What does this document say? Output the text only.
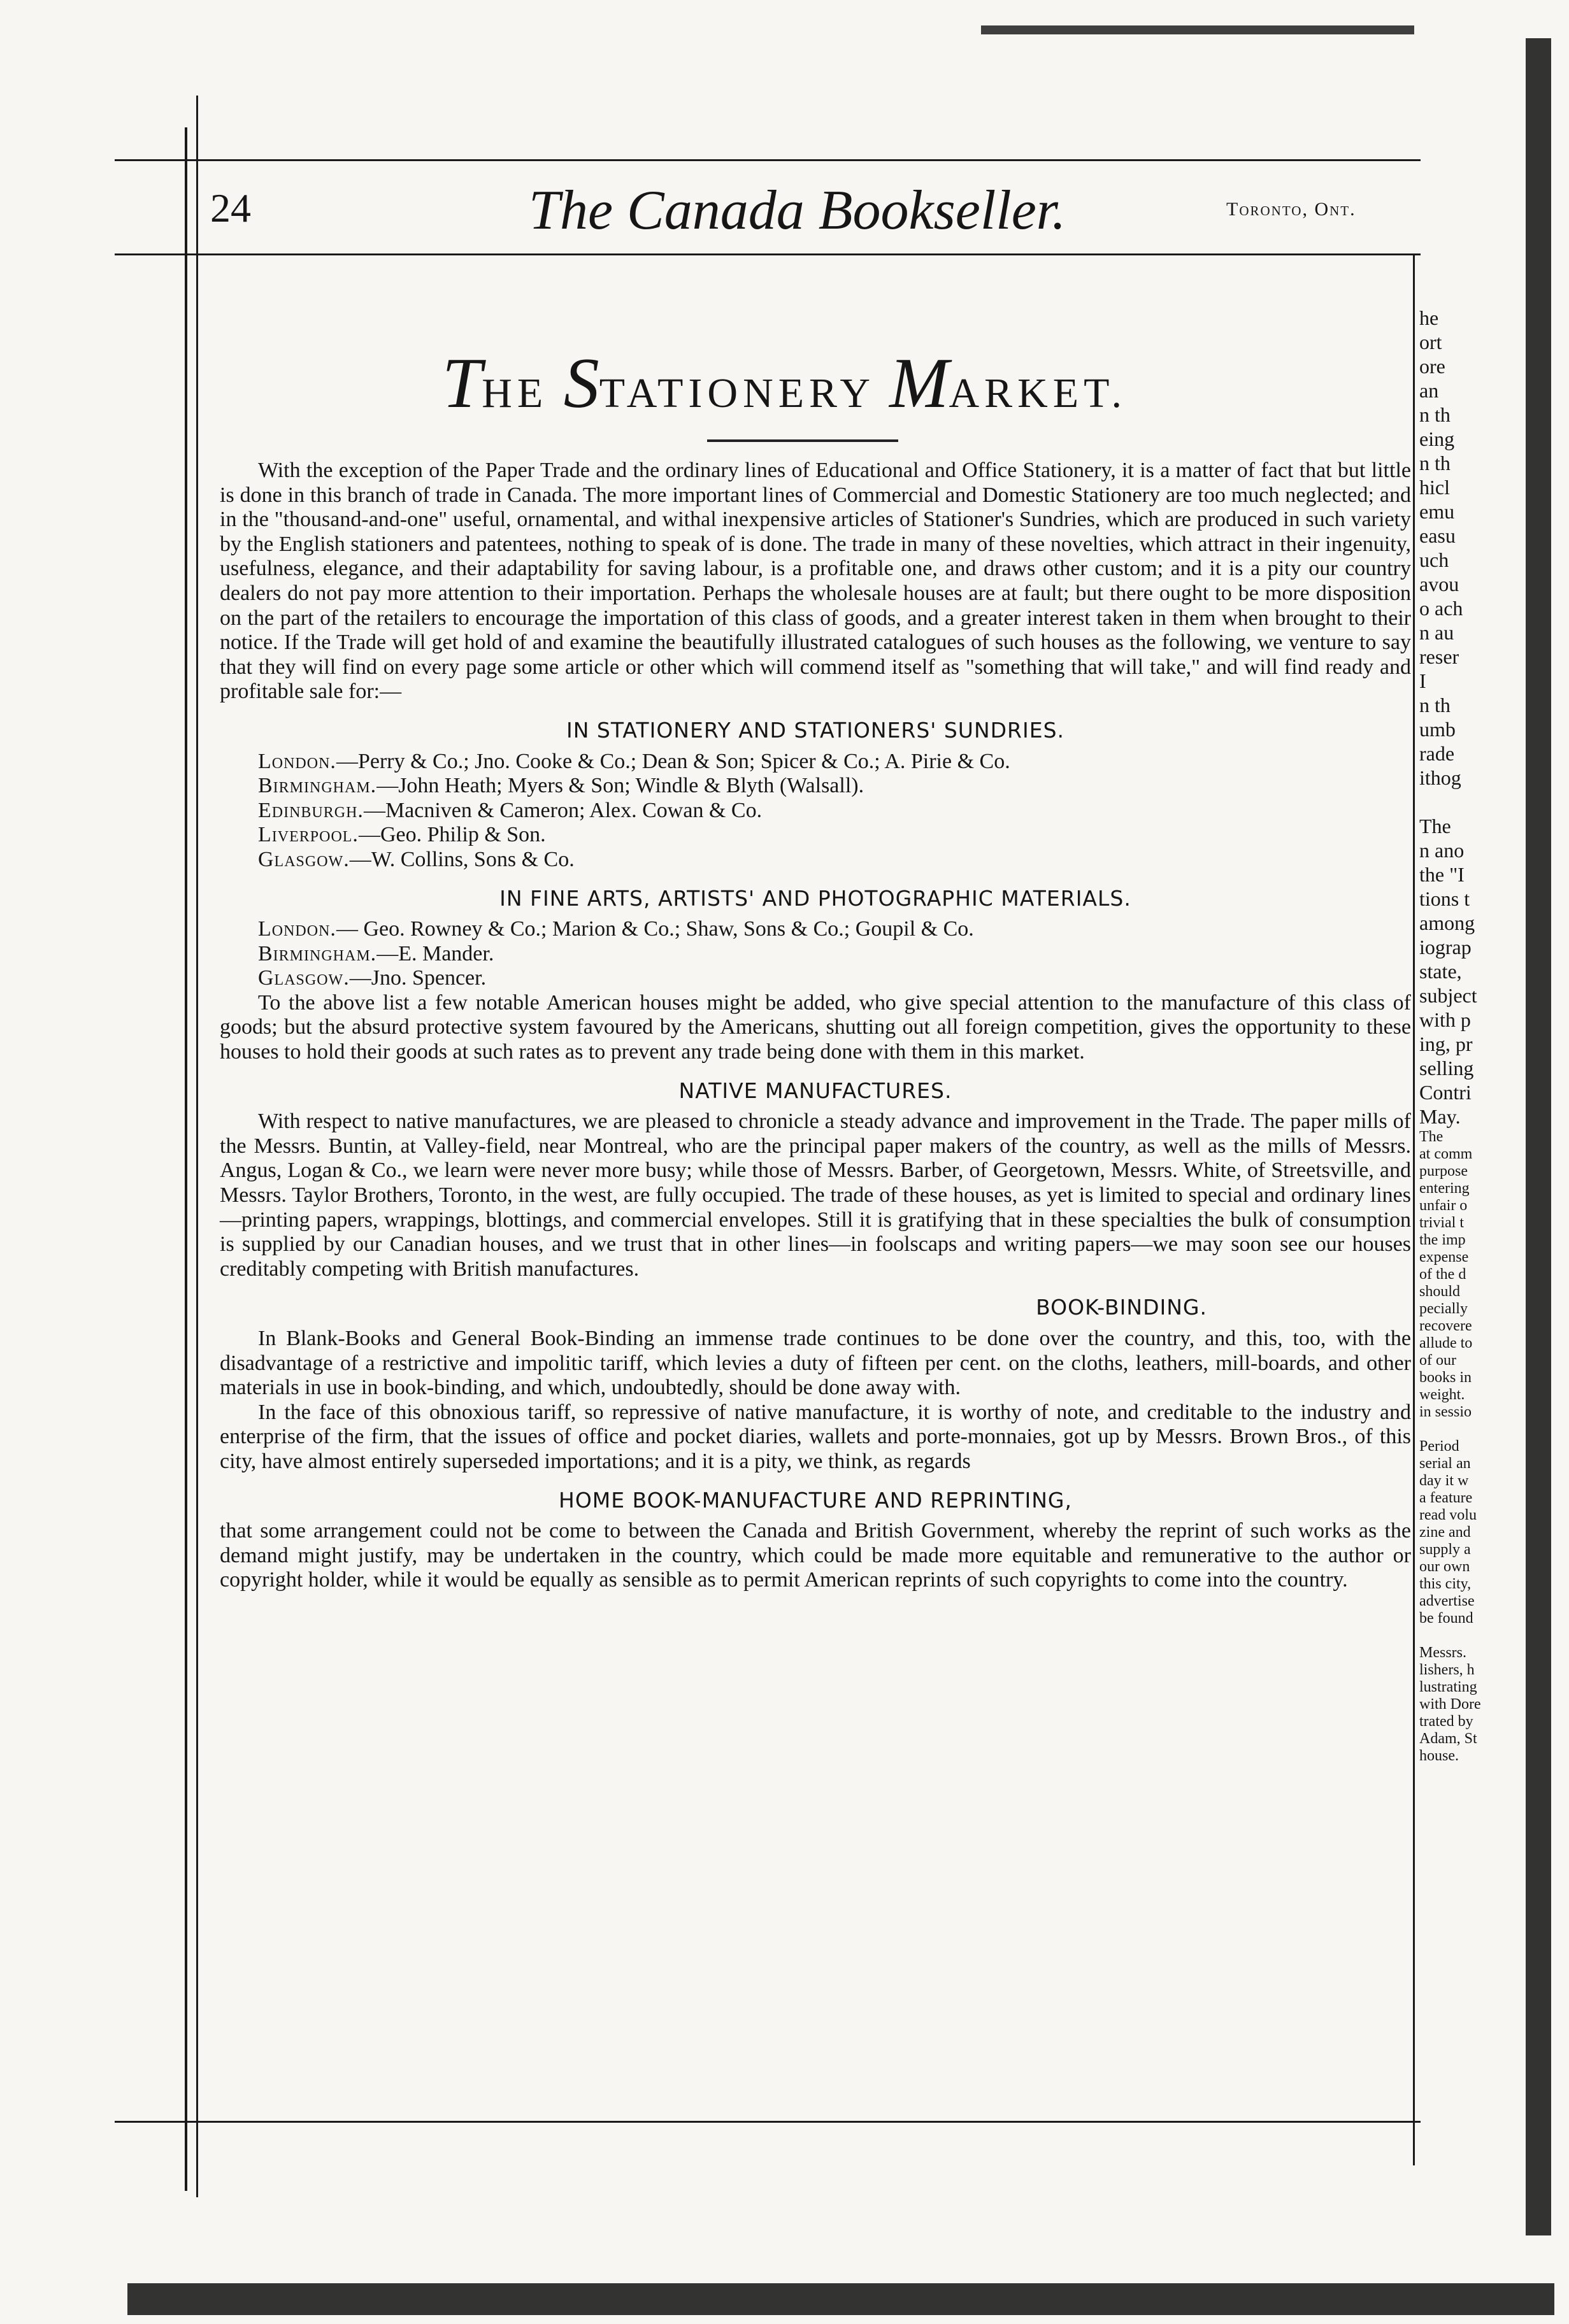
24	The Canada Bookseller.	Toronto, Ont.
THE STATIONERY MARKET.

With the exception of the Paper Trade and the ordinary lines of Educational and Office Stationery, it is a matter of fact that but little is done in this branch of trade in Canada. The more important lines of Commercial and Domestic Stationery are too much neglected; and in the "thousand-and-one" useful, ornamental, and withal inexpensive articles of Stationer's Sundries, which are produced in such variety by the English stationers and patentees, nothing to speak of is done. The trade in many of these novelties, which attract in their ingenuity, usefulness, elegance, and their adaptability for saving labour, is a profitable one, and draws other custom; and it is a pity our country dealers do not pay more attention to their importation. Perhaps the wholesale houses are at fault; but there ought to be more disposition on the part of the retailers to encourage the importation of this class of goods, and a greater interest taken in them when brought to their notice. If the Trade will get hold of and examine the beautifully illustrated catalogues of such houses as the following, we venture to say that they will find on every page some article or other which will commend itself as "something that will take," and will find ready and profitable sale for:—

IN STATIONERY AND STATIONERS' SUNDRIES.
London.—Perry & Co.; Jno. Cooke & Co.; Dean & Son; Spicer & Co.; A. Pirie & Co.
Birmingham.—John Heath; Myers & Son; Windle & Blyth (Walsall).
Edinburgh.—Macniven & Cameron; Alex. Cowan & Co.
Liverpool.—Geo. Philip & Son.
Glasgow.—W. Collins, Sons & Co.
IN FINE ARTS, ARTISTS' AND PHOTOGRAPHIC MATERIALS.
London.— Geo. Rowney & Co.; Marion & Co.; Shaw, Sons & Co.; Goupil & Co.
Birmingham.—E. Mander.
Glasgow.—Jno. Spencer.

To the above list a few notable American houses might be added, who give special attention to the manufacture of this class of goods; but the absurd protective system favoured by the Americans, shutting out all foreign competition, gives the opportunity to these houses to hold their goods at such rates as to prevent any trade being done with them in this market.

NATIVE MANUFACTURES.

With respect to native manufactures, we are pleased to chronicle a steady advance and improvement in the Trade. The paper mills of the Messrs. Buntin, at Valley-field, near Montreal, who are the principal paper makers of the country, as well as the mills of Messrs. Angus, Logan & Co., we learn were never more busy; while those of Messrs. Barber, of Georgetown, Messrs. White, of Streetsville, and Messrs. Taylor Brothers, Toronto, in the west, are fully occupied. The trade of these houses, as yet is limited to special and ordinary lines—printing papers, wrappings, blottings, and commercial envelopes. Still it is gratifying that in these specialties the bulk of consumption is supplied by our Canadian houses, and we trust that in other lines—in foolscaps and writing papers—we may soon see our houses creditably competing with British manufactures.

BOOK-BINDING.

In Blank-Books and General Book-Binding an immense trade continues to be done over the country, and this, too, with the disadvantage of a restrictive and impolitic tariff, which levies a duty of fifteen per cent. on the cloths, leathers, mill-boards, and other materials in use in book-binding, and which, undoubtedly, should be done away with.

In the face of this obnoxious tariff, so repressive of native manufacture, it is worthy of note, and creditable to the industry and enterprise of the firm, that the issues of office and pocket diaries, wallets and porte-monnaies, got up by Messrs. Brown Bros., of this city, have almost entirely superseded importations; and it is a pity, we think, as regards

HOME BOOK-MANUFACTURE AND REPRINTING,

that some arrangement could not be come to between the Canada and British Government, whereby the reprint of such works as the demand might justify, may be undertaken in the country, which could be made more equitable and remunerative to the author or copyright holder, while it would be equally as sensible as to permit American reprints of such copyrights to come into the country.

he
ort
ore
an
n th
eing
n th
hicl
emu
easu
uch
avou
o ach
n au
reser
I
n th
umb
rade
ithog

The
n ano
the "I
tions t
among
iograp
state,
subject
with p
ing, pr
selling
Contri
May.
The
at comm
purpose
entering
unfair o
trivial t
the imp
expense
of the d
should
pecially
recovere
allude to
of our
books in
weight.
in sessio

Period
serial an
day it w
a feature
read volu
zine and
supply a
our own
this city,
advertise
be found

Messrs.
lishers, h
lustrating
with Dore
trated by
Adam, St
house.
